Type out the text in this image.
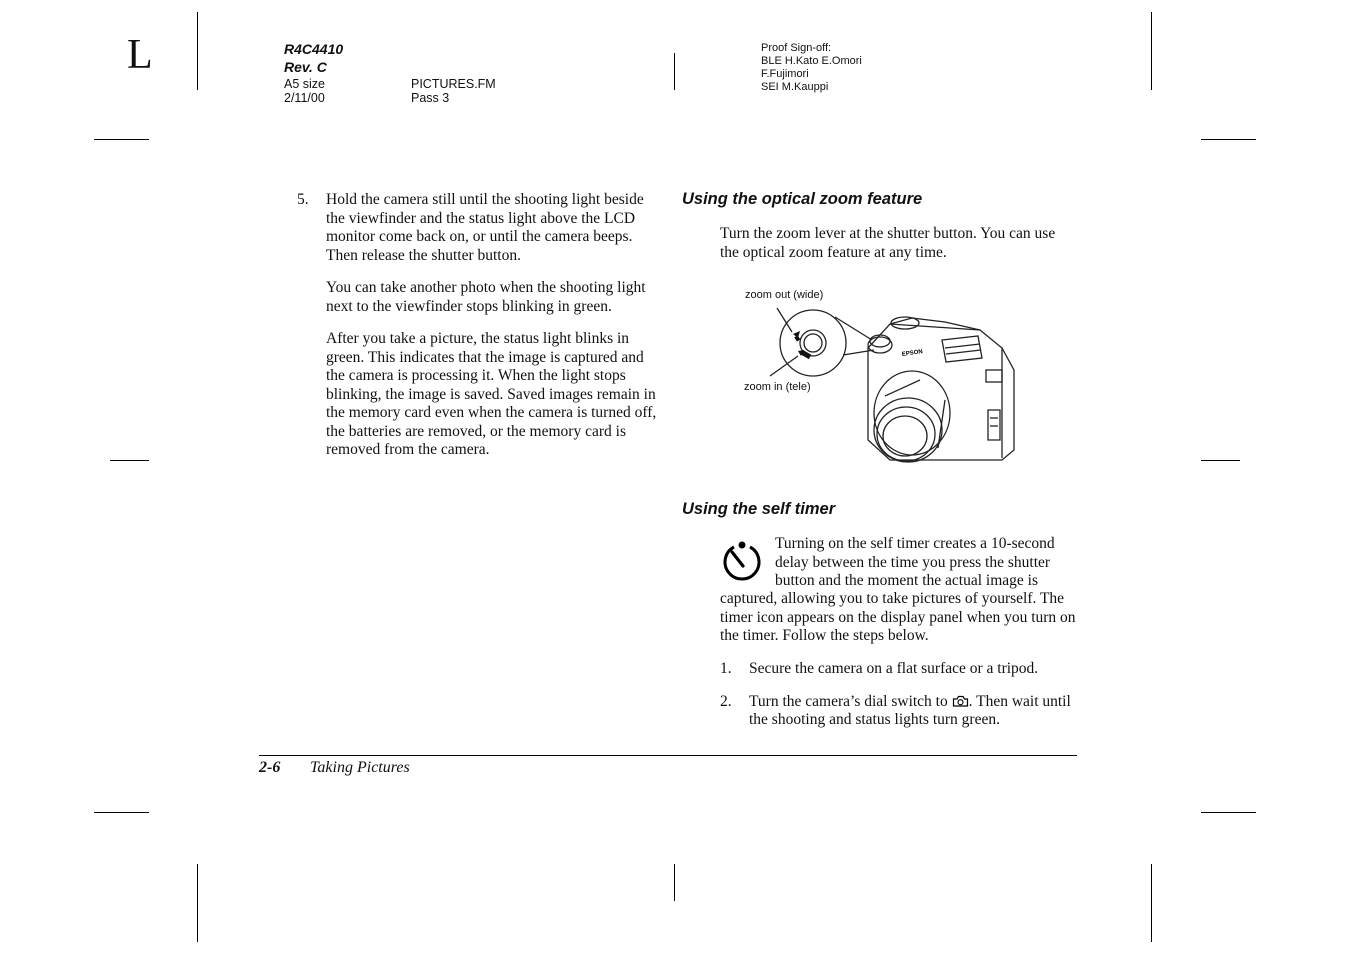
L	R4C4410
Rev. C
A5 size	PICTURES.FM
2/11/00	Pass 3
Proof Sign-off:
BLE H.Kato E.Omori
F.Fujimori
SEI M.Kauppi
5.	Hold the camera still until the shooting light beside the viewfinder and the status light above the LCD monitor come back on, or until the camera beeps. Then release the shutter button.

You can take another photo when the shooting light next to the viewfinder stops blinking in green.

After you take a picture, the status light blinks in green. This indicates that the image is captured and the camera is processing it. When the light stops blinking, the image is saved. Saved images remain in the memory card even when the camera is turned off, the batteries are removed, or the memory card is removed from the camera.

Using the optical zoom feature
Turn the zoom lever at the shutter button. You can use the optical zoom feature at any time.
zoom out (wide)
zoom in (tele)
EPSON
Using the self timer
Turning on the self timer creates a 10-second
delay between the time you press the shutter
button and the moment the actual image is
captured, allowing you to take pictures of yourself. The timer icon appears on the display panel when you turn on the timer. Follow the steps below.
1.	Secure the camera on a flat surface or a tripod.
2.	Turn the camera’s dial switch to . Then wait until the shooting and status lights turn green.
2-6 Taking Pictures
